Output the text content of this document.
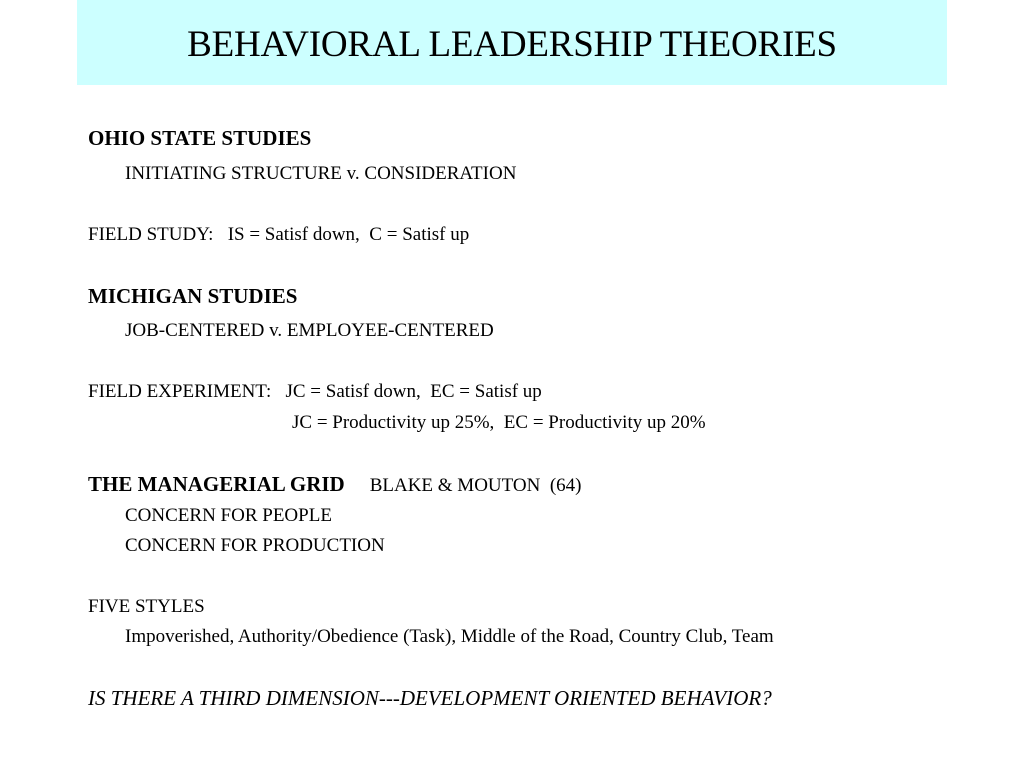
BEHAVIORAL LEADERSHIP THEORIES
OHIO STATE STUDIES
INITIATING STRUCTURE v. CONSIDERATION
FIELD STUDY:   IS = Satisf down,  C = Satisf up
MICHIGAN STUDIES
JOB-CENTERED v. EMPLOYEE-CENTERED
FIELD EXPERIMENT:   JC = Satisf down,  EC = Satisf up
JC = Productivity up 25%,  EC = Productivity up 20%
THE MANAGERIAL GRID BLAKE & MOUTON  (64)
CONCERN FOR PEOPLE
CONCERN FOR PRODUCTION
FIVE STYLES
Impoverished, Authority/Obedience (Task), Middle of the Road, Country Club, Team
IS THERE A THIRD DIMENSION---DEVELOPMENT ORIENTED BEHAVIOR?
